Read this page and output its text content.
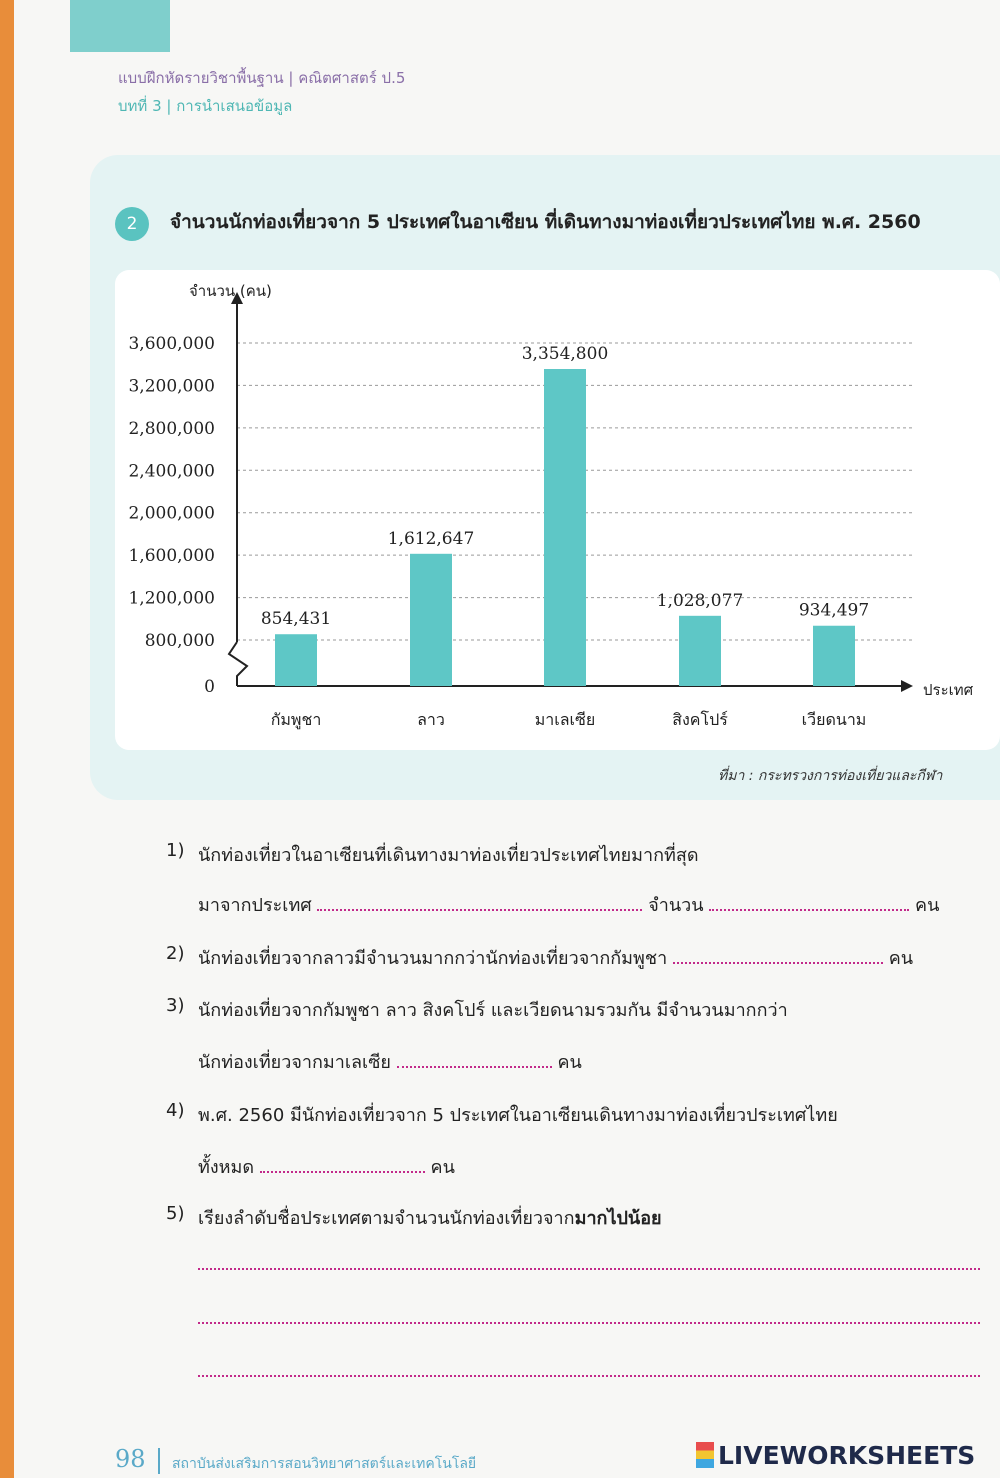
แบบฝึกหัดรายวิชาพื้นฐาน | คณิตศาสตร์ ป.5
บทที่ 3 | การนำเสนอข้อมูล
2	จำนวนนักท่องเที่ยวจาก 5 ประเทศในอาเซียน ที่เดินทางมาท่องเที่ยวประเทศไทย พ.ศ. 2560
0
800,000
1,200,000
1,600,000
2,000,000
2,400,000
2,800,000
3,200,000
3,600,000
จำนวน (คน)
ประเทศ
854,431
กัมพูชา
1,612,647
ลาว
3,354,800
มาเลเซีย
1,028,077
สิงคโปร์
934,497
เวียดนาม
ที่มา : กระทรวงการท่องเที่ยวและกีฬา
1) นักท่องเที่ยวในอาเซียนที่เดินทางมาท่องเที่ยวประเทศไทยมากที่สุด
มาจากประเทศ	จำนวน	คน
2) นักท่องเที่ยวจากลาวมีจำนวนมากกว่านักท่องเที่ยวจากกัมพูชา	คน
3) นักท่องเที่ยวจากกัมพูชา ลาว สิงคโปร์ และเวียดนามรวมกัน มีจำนวนมากกว่า
นักท่องเที่ยวจากมาเลเซีย	คน
4) พ.ศ. 2560 มีนักท่องเที่ยวจาก 5 ประเทศในอาเซียนเดินทางมาท่องเที่ยวประเทศไทย
ทั้งหมด	คน
5) เรียงลำดับชื่อประเทศตามจำนวนนักท่องเที่ยวจากมากไปน้อย
98 สถาบันส่งเสริมการสอนวิทยาศาสตร์และเทคโนโลยี	LIVEWORKSHEETS
